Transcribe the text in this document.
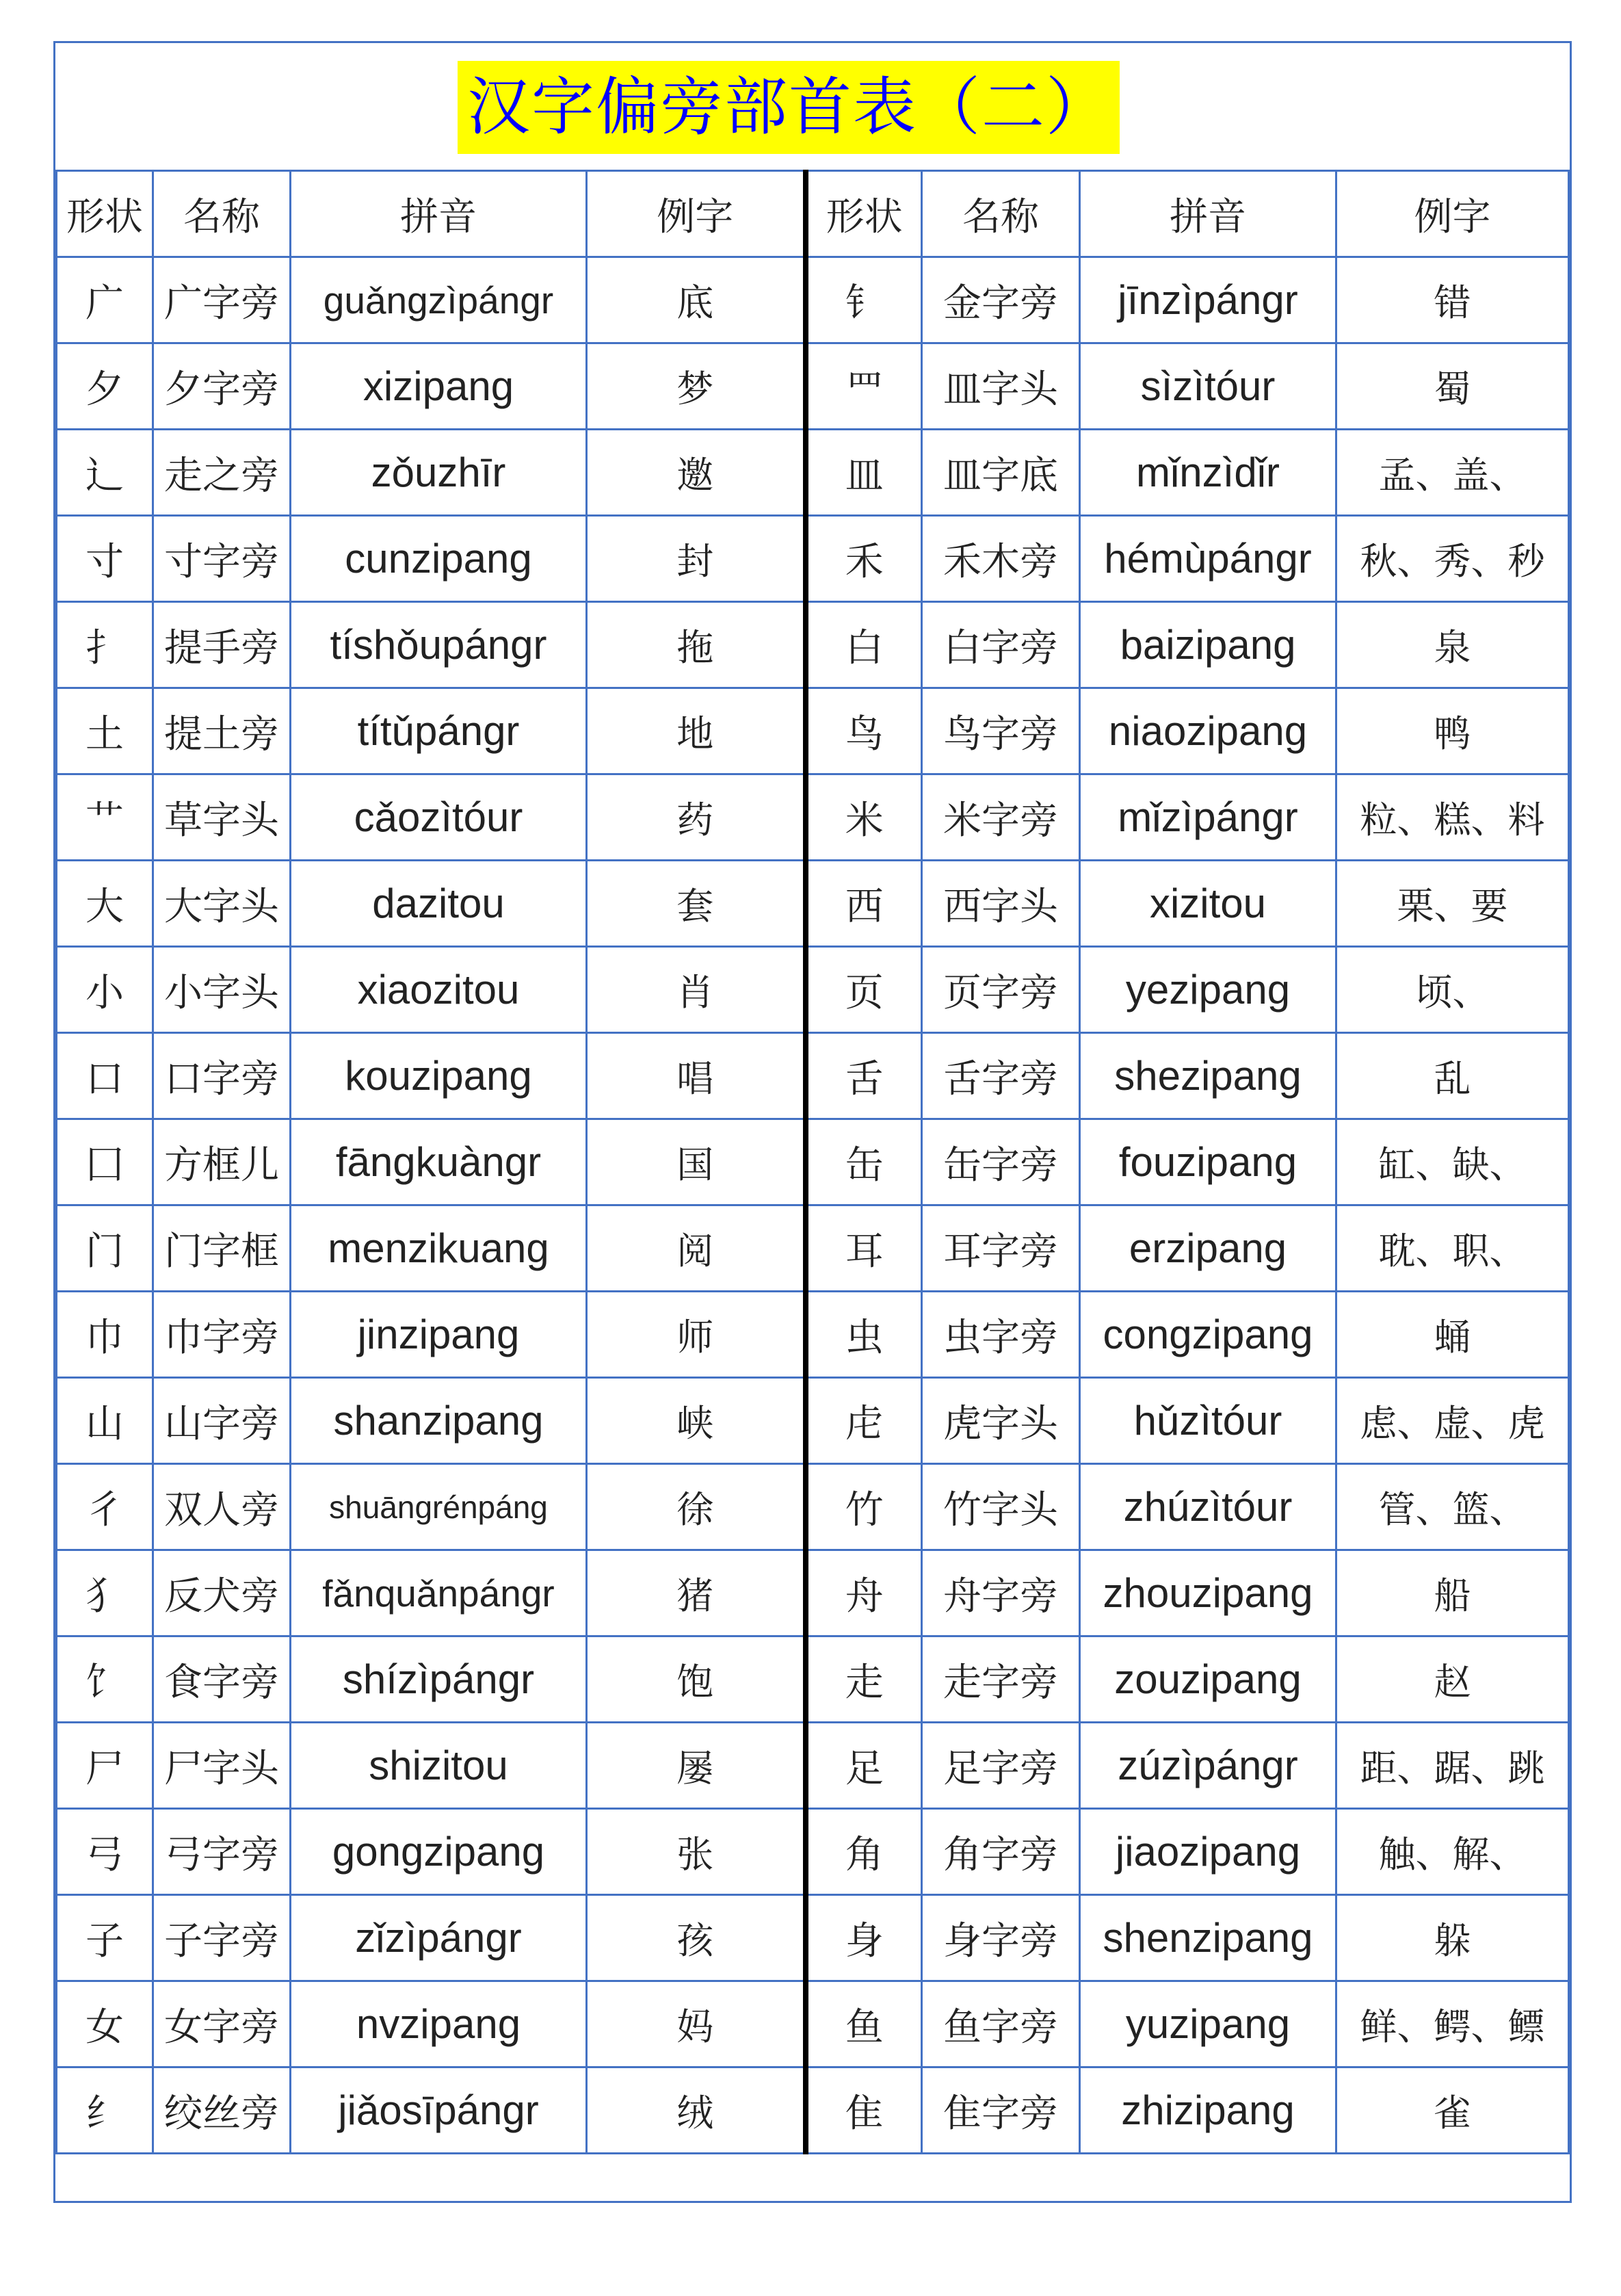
汉字偏旁部首表（二）
形状	名称	拼音	例字	形状	名称	拼音	例字
广	广字旁	guǎngzìpángr	底	钅	金字旁	jīnzìpángr	错
夕	夕字旁	xizipang	梦	罒	皿字头	sìzìtóur	蜀
辶	走之旁	zǒuzhīr	邀	皿	皿字底	mǐnzìdǐr	孟、盖、
寸	寸字旁	cunzipang	封	禾	禾木旁	hémùpángr	秋、秀、秒
扌	提手旁	tíshǒupángr	拖	白	白字旁	baizipang	泉
土	提土旁	títǔpángr	地	鸟	鸟字旁	niaozipang	鸭
艹	草字头	cǎozìtóur	药	米	米字旁	mǐzìpángr	粒、糕、料
大	大字头	dazitou	套	西	西字头	xizitou	栗、要
小	小字头	xiaozitou	肖	页	页字旁	yezipang	顷、
口	口字旁	kouzipang	唱	舌	舌字旁	shezipang	乱
囗	方框儿	fāngkuàngr	国	缶	缶字旁	fouzipang	缸、缺、
门	门字框	menzikuang	阅	耳	耳字旁	erzipang	耽、职、
巾	巾字旁	jinzipang	师	虫	虫字旁	congzipang	蛹
山	山字旁	shanzipang	峡	虍	虎字头	hǔzìtóur	虑、虚、虎
彳	双人旁	shuāngrénpáng	徐	竹	竹字头	zhúzìtóur	管、篮、
犭	反犬旁	fǎnquǎnpángr	猪	舟	舟字旁	zhouzipang	船
饣	食字旁	shízìpángr	饱	走	走字旁	zouzipang	赵
尸	尸字头	shizitou	屡	足	足字旁	zúzìpángr	距、踞、跳
弓	弓字旁	gongzipang	张	角	角字旁	jiaozipang	触、解、
子	子字旁	zǐzìpángr	孩	身	身字旁	shenzipang	躲
女	女字旁	nvzipang	妈	鱼	鱼字旁	yuzipang	鲜、鳄、鳔
纟	绞丝旁	jiǎosīpángr	绒	隹	隹字旁	zhizipang	雀
